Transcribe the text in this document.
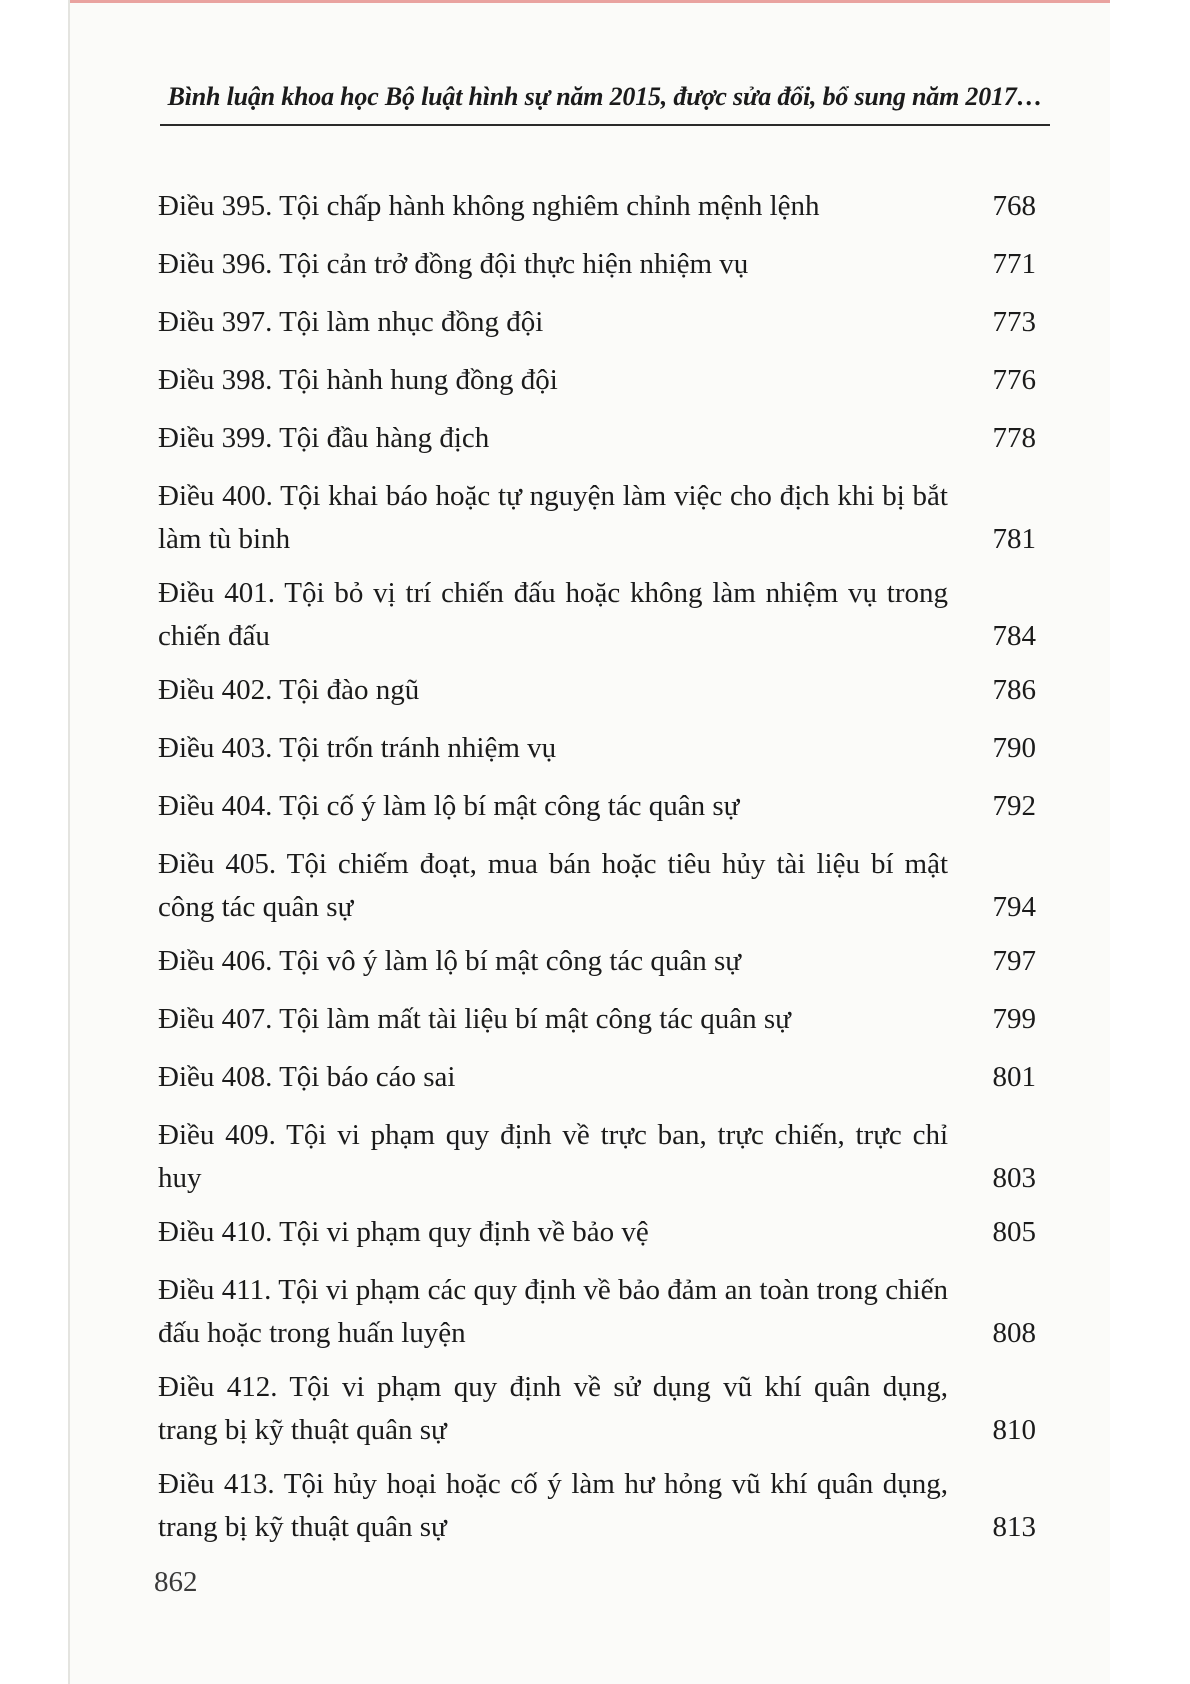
Bình luận khoa học Bộ luật hình sự năm 2015, được sửa đổi, bổ sung năm 2017…
Điều 395. Tội chấp hành không nghiêm chỉnh mệnh lệnh	768
Điều 396. Tội cản trở đồng đội thực hiện nhiệm vụ	771
Điều 397. Tội làm nhục đồng đội	773
Điều 398. Tội hành hung đồng đội	776
Điều 399. Tội đầu hàng địch	778
Điều 400. Tội khai báo hoặc tự nguyện làm việc cho địch khi bị bắt làm tù binh	781
Điều 401. Tội bỏ vị trí chiến đấu hoặc không làm nhiệm vụ trong chiến đấu	784
Điều 402. Tội đào ngũ	786
Điều 403. Tội trốn tránh nhiệm vụ	790
Điều 404. Tội cố ý làm lộ bí mật công tác quân sự	792
Điều 405. Tội chiếm đoạt, mua bán hoặc tiêu hủy tài liệu bí mật công tác quân sự	794
Điều 406. Tội vô ý làm lộ bí mật công tác quân sự	797
Điều 407. Tội làm mất tài liệu bí mật công tác quân sự	799
Điều 408. Tội báo cáo sai	801
Điều 409. Tội vi phạm quy định về trực ban, trực chiến, trực chỉ huy	803
Điều 410. Tội vi phạm quy định về bảo vệ	805
Điều 411. Tội vi phạm các quy định về bảo đảm an toàn trong chiến đấu hoặc trong huấn luyện	808
Điều 412. Tội vi phạm quy định về sử dụng vũ khí quân dụng, trang bị kỹ thuật quân sự	810
Điều 413. Tội hủy hoại hoặc cố ý làm hư hỏng vũ khí quân dụng, trang bị kỹ thuật quân sự	813
862
